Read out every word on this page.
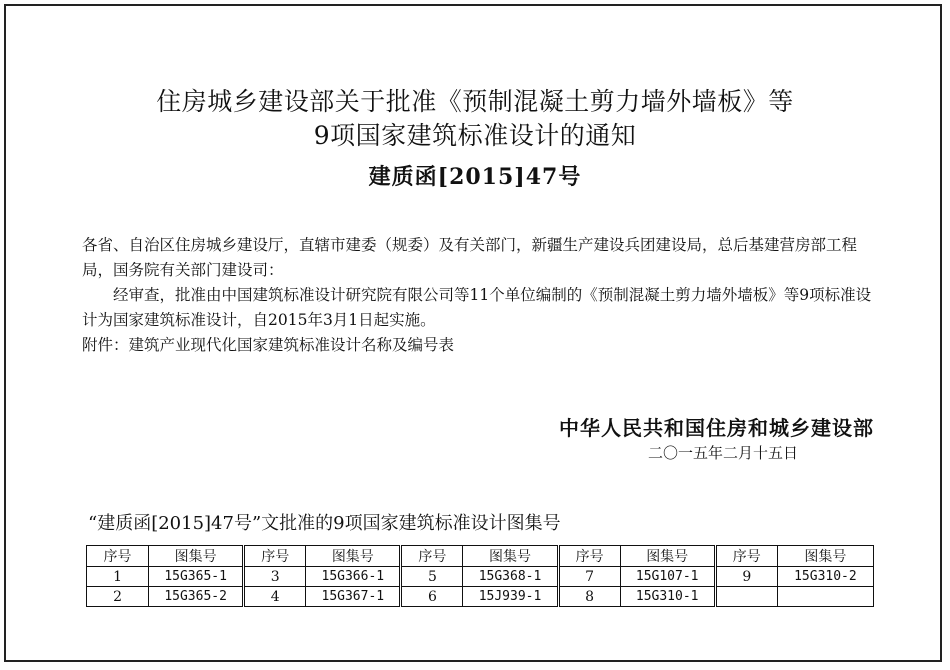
住房城乡建设部关于批准《预制混凝土剪力墙外墙板》等
9项国家建筑标准设计的通知
建质函[2015]47号
各省、自治区住房城乡建设厅，直辖市建委（规委）及有关部门，新疆生产建设兵团建设局，总后基建营房部工程局，国务院有关部门建设司：
经审查，批准由中国建筑标准设计研究院有限公司等11个单位编制的《预制混凝土剪力墙外墙板》等9项标准设计为国家建筑标准设计，自2015年3月1日起实施。
附件：建筑产业现代化国家建筑标准设计名称及编号表
中华人民共和国住房和城乡建设部
二〇一五年二月十五日
“建质函[2015]47号”文批准的9项国家建筑标准设计图集号
序号	图集号	序号	图集号	序号	图集号	序号	图集号	序号	图集号
1	15G365-1	3	15G366-1	5	15G368-1	7	15G107-1	9	15G310-2
2	15G365-2	4	15G367-1	6	15J939-1	8	15G310-1		
